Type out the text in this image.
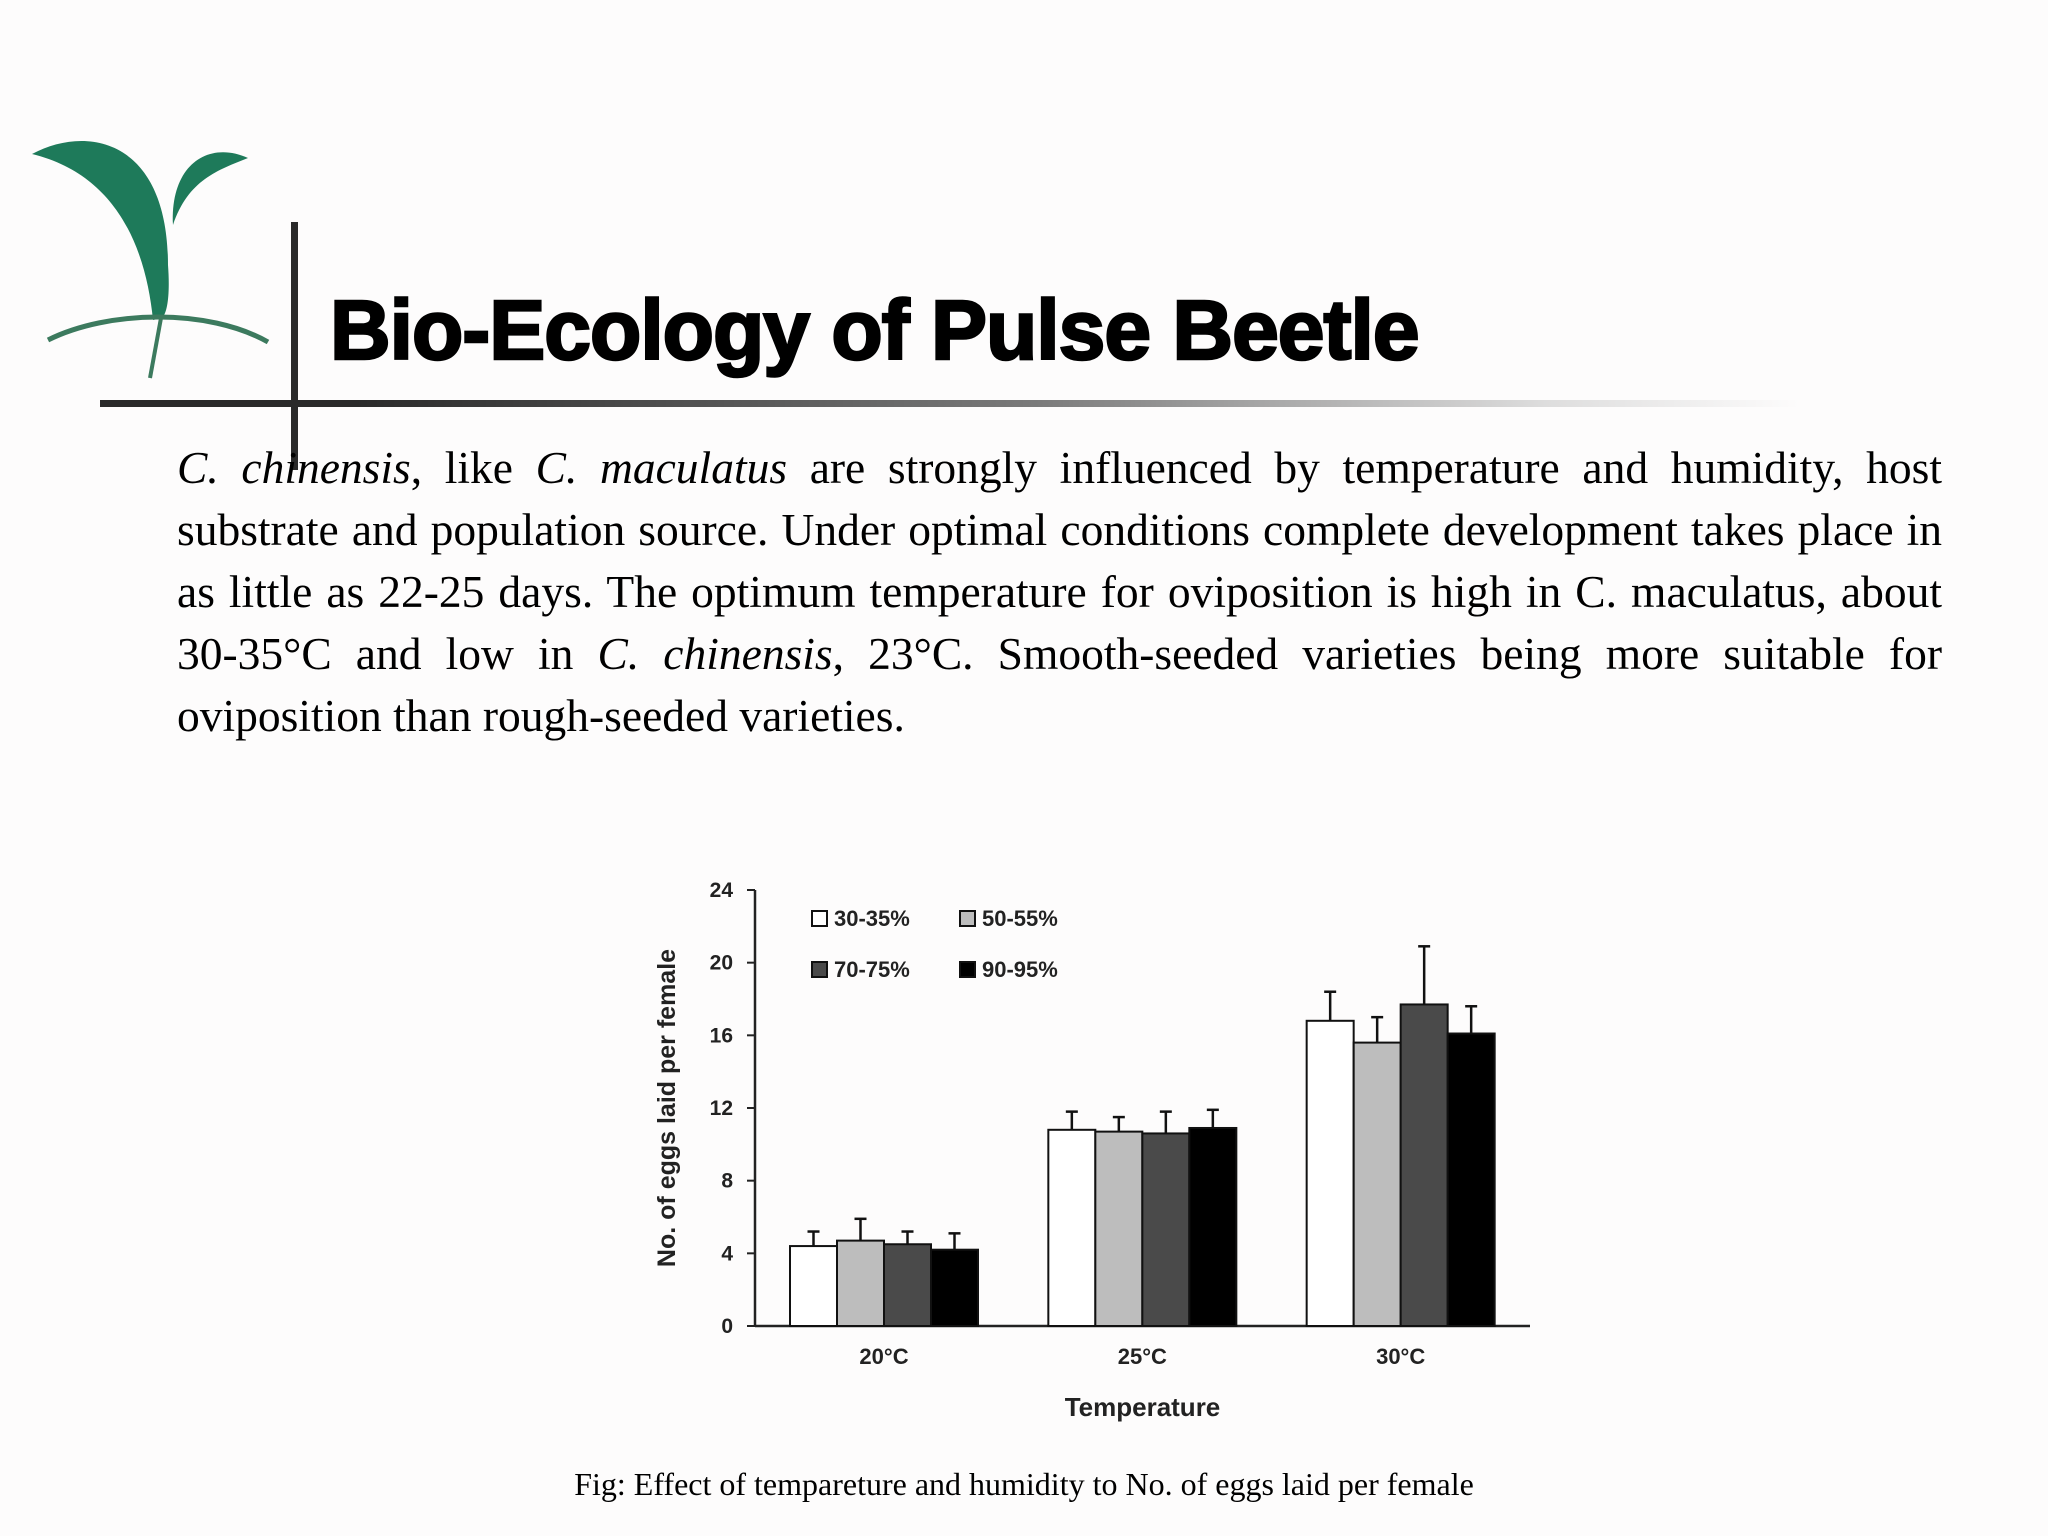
Bio-Ecology of Pulse Beetle

C. chinensis, like C. maculatus are strongly influenced by temperature and humidity, host substrate and population source. Under optimal conditions complete development takes place in as little as 22-25 days. The optimum temperature for oviposition is high in C. maculatus, about 30-35°C and low in C. chinensis, 23°C. Smooth-seeded varieties being more suitable for oviposition than rough-seeded varieties.

0
4
8
12
16
20
24
No. of eggs laid per female
20°C	25°C	30°C
Temperature
30-35%	50-55%
70-75%	90-95%

Fig: Effect of tempareture and humidity to No. of eggs laid per female
